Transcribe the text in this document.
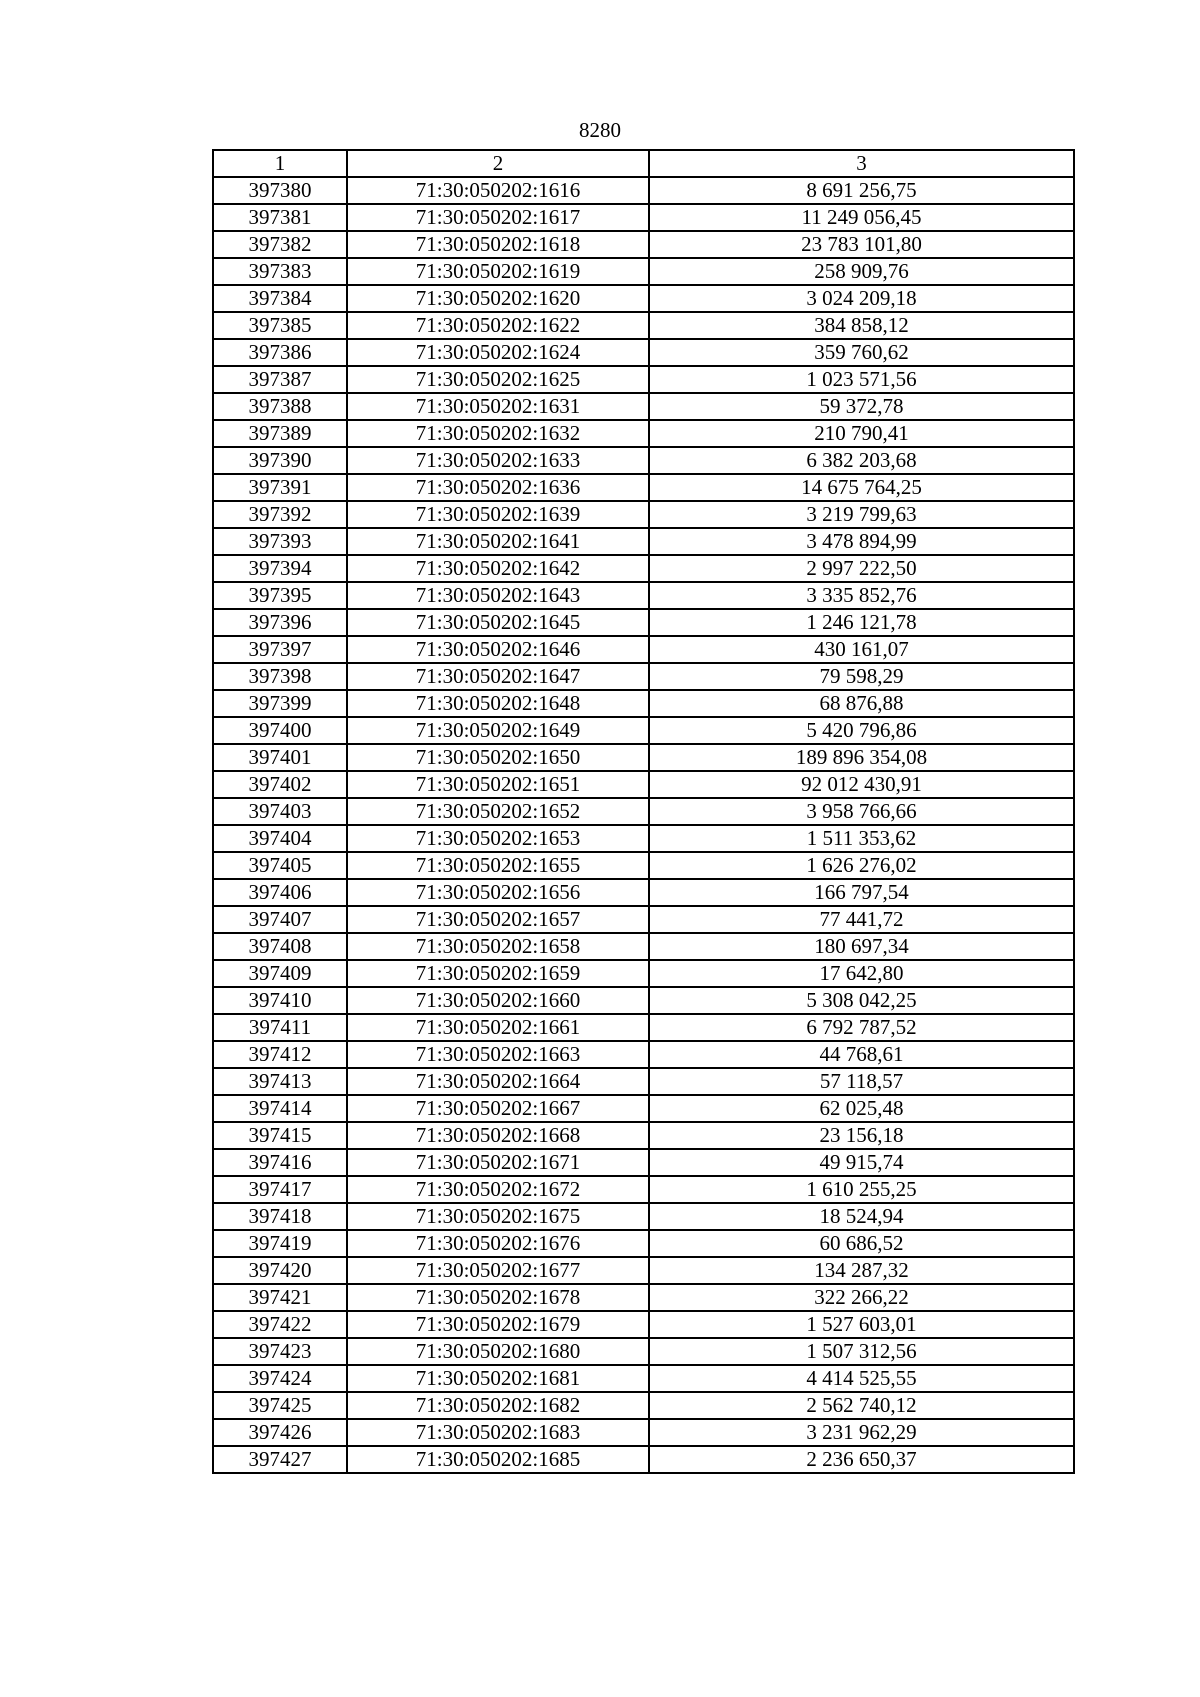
8280
1	2	3
397380	71:30:050202:1616	8 691 256,75
397381	71:30:050202:1617	11 249 056,45
397382	71:30:050202:1618	23 783 101,80
397383	71:30:050202:1619	258 909,76
397384	71:30:050202:1620	3 024 209,18
397385	71:30:050202:1622	384 858,12
397386	71:30:050202:1624	359 760,62
397387	71:30:050202:1625	1 023 571,56
397388	71:30:050202:1631	59 372,78
397389	71:30:050202:1632	210 790,41
397390	71:30:050202:1633	6 382 203,68
397391	71:30:050202:1636	14 675 764,25
397392	71:30:050202:1639	3 219 799,63
397393	71:30:050202:1641	3 478 894,99
397394	71:30:050202:1642	2 997 222,50
397395	71:30:050202:1643	3 335 852,76
397396	71:30:050202:1645	1 246 121,78
397397	71:30:050202:1646	430 161,07
397398	71:30:050202:1647	79 598,29
397399	71:30:050202:1648	68 876,88
397400	71:30:050202:1649	5 420 796,86
397401	71:30:050202:1650	189 896 354,08
397402	71:30:050202:1651	92 012 430,91
397403	71:30:050202:1652	3 958 766,66
397404	71:30:050202:1653	1 511 353,62
397405	71:30:050202:1655	1 626 276,02
397406	71:30:050202:1656	166 797,54
397407	71:30:050202:1657	77 441,72
397408	71:30:050202:1658	180 697,34
397409	71:30:050202:1659	17 642,80
397410	71:30:050202:1660	5 308 042,25
397411	71:30:050202:1661	6 792 787,52
397412	71:30:050202:1663	44 768,61
397413	71:30:050202:1664	57 118,57
397414	71:30:050202:1667	62 025,48
397415	71:30:050202:1668	23 156,18
397416	71:30:050202:1671	49 915,74
397417	71:30:050202:1672	1 610 255,25
397418	71:30:050202:1675	18 524,94
397419	71:30:050202:1676	60 686,52
397420	71:30:050202:1677	134 287,32
397421	71:30:050202:1678	322 266,22
397422	71:30:050202:1679	1 527 603,01
397423	71:30:050202:1680	1 507 312,56
397424	71:30:050202:1681	4 414 525,55
397425	71:30:050202:1682	2 562 740,12
397426	71:30:050202:1683	3 231 962,29
397427	71:30:050202:1685	2 236 650,37
